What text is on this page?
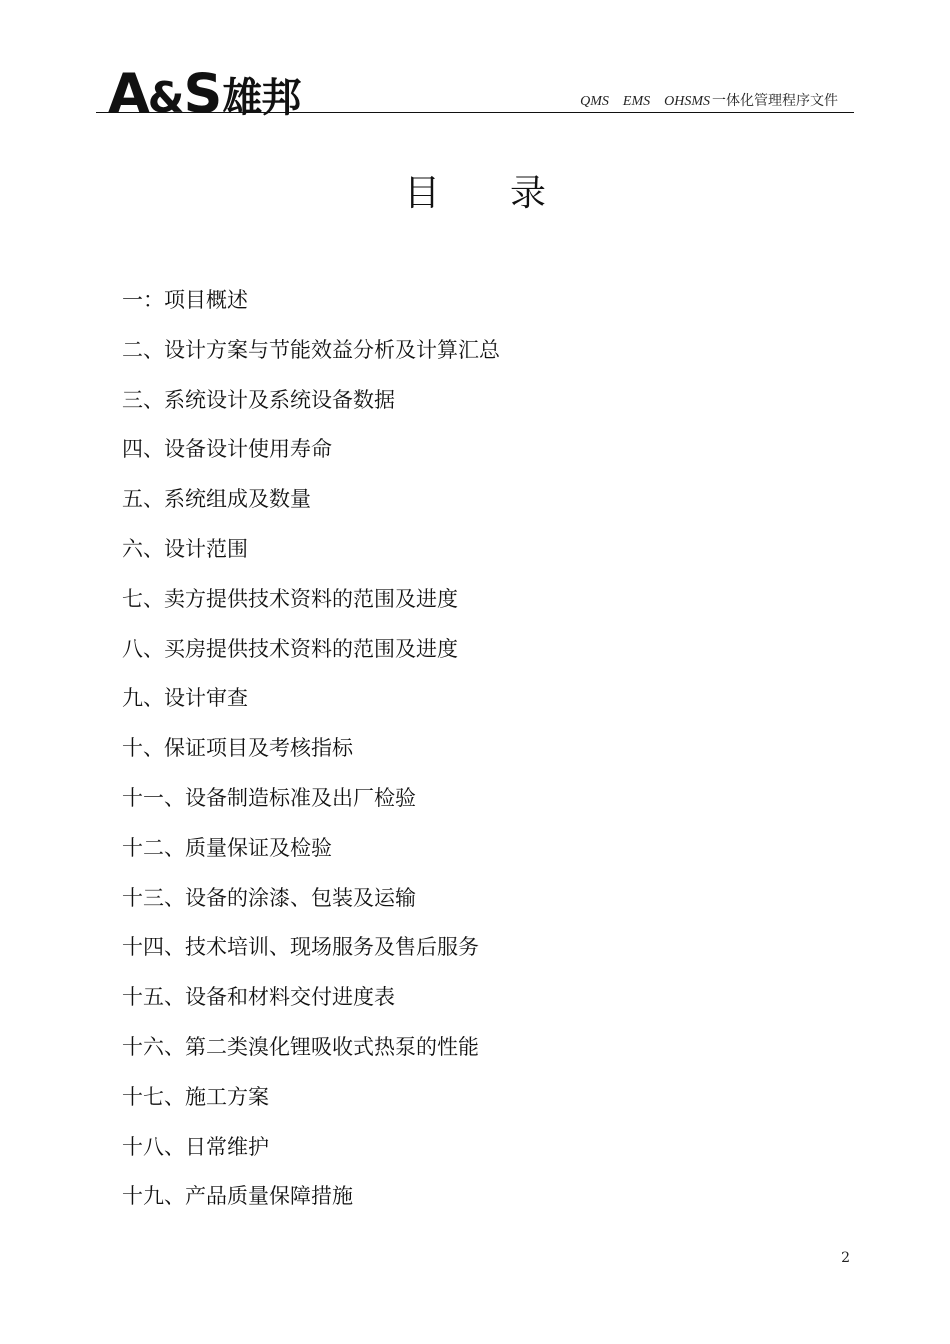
A&S 雄邦	QMS EMS OHSMS 一体化管理程序文件
目录
一：项目概述
二、设计方案与节能效益分析及计算汇总
三、系统设计及系统设备数据
四、设备设计使用寿命
五、系统组成及数量
六、设计范围
七、卖方提供技术资料的范围及进度
八、买房提供技术资料的范围及进度
九、设计审查
十、保证项目及考核指标
十一、设备制造标准及出厂检验
十二、质量保证及检验
十三、设备的涂漆、包装及运输
十四、技术培训、现场服务及售后服务
十五、设备和材料交付进度表
十六、第二类溴化锂吸收式热泵的性能
十七、施工方案
十八、日常维护
十九、产品质量保障措施
2
